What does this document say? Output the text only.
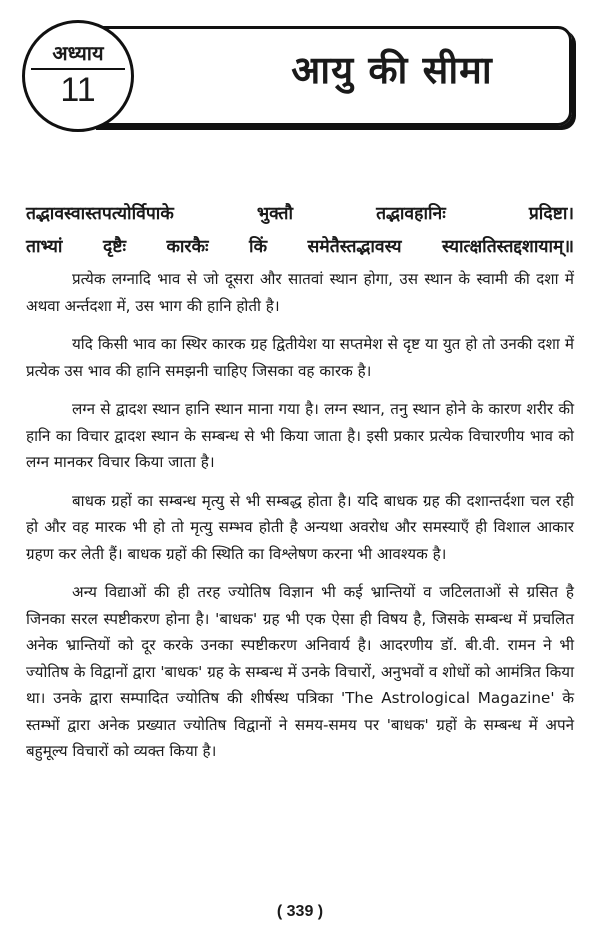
आयु की सीमा
अध्याय
11
तद्भावस्वास्तपत्योर्विपाके भुक्तौ तद्भावहानिः प्रदिष्टा।
ताभ्यां दृष्टैः कारकैः किं समेतैस्तद्भावस्य स्यात्क्षतिस्तद्दशायाम्॥

प्रत्येक लग्नादि भाव से जो दूसरा और सातवां स्थान होगा, उस स्थान के स्वामी की दशा में अथवा अर्न्तदशा में, उस भाग की हानि होती है।

यदि किसी भाव का स्थिर कारक ग्रह द्वितीयेश या सप्तमेश से दृष्ट या युत हो तो उनकी दशा में प्रत्येक उस भाव की हानि समझनी चाहिए जिसका वह कारक है।

लग्न से द्वादश स्थान हानि स्थान माना गया है। लग्न स्थान, तनु स्थान होने के कारण शरीर की हानि का विचार द्वादश स्थान के सम्बन्ध से भी किया जाता है। इसी प्रकार प्रत्येक विचारणीय भाव को लग्न मानकर विचार किया जाता है।

बाधक ग्रहों का सम्बन्ध मृत्यु से भी सम्बद्ध होता है। यदि बाधक ग्रह की दशान्तर्दशा चल रही हो और वह मारक भी हो तो मृत्यु सम्भव होती है अन्यथा अवरोध और समस्याएँ ही विशाल आकार ग्रहण कर लेती हैं। बाधक ग्रहों की स्थिति का विश्लेषण करना भी आवश्यक है।

अन्य विद्याओं की ही तरह ज्योतिष विज्ञान भी कई भ्रान्तियों व जटिलताओं से ग्रसित है जिनका सरल स्पष्टीकरण होना है। 'बाधक' ग्रह भी एक ऐसा ही विषय है, जिसके सम्बन्ध में प्रचलित अनेक भ्रान्तियों को दूर करके उनका स्पष्टीकरण अनिवार्य है। आदरणीय डॉ. बी.वी. रामन ने भी ज्योतिष के विद्वानों द्वारा 'बाधक' ग्रह के सम्बन्ध में उनके विचारों, अनुभवों व शोधों को आमंत्रित किया था। उनके द्वारा सम्पादित ज्योतिष की शीर्षस्थ पत्रिका 'The Astrological Magazine' के स्तम्भों द्वारा अनेक प्रख्यात ज्योतिष विद्वानों ने समय-समय पर 'बाधक' ग्रहों के सम्बन्ध में अपने बहुमूल्य विचारों को व्यक्त किया है।

( 339 )
